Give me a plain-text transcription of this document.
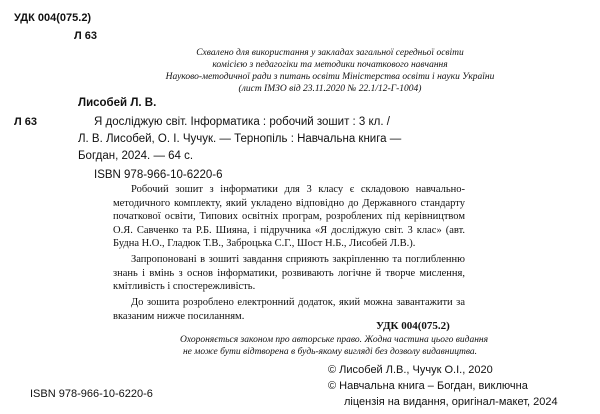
УДК 004(075.2)
Л 63
Схвалено для використання у закладах загальної середньої освіти
комісією з педагогіки та методики початкового навчання
Науково-методичної ради з питань освіти Міністерства освіти і науки України
(лист ІМЗО від 23.11.2020 № 22.1/12-Г-1004)
Лисобей Л. В.
Л 63	Я досліджую світ. Інформатика : робочий зошит : 3 кл. /
Л. В. Лисобей, О. І. Чучук. — Тернопіль : Навчальна книга —
Богдан, 2024. — 64 с.
ISBN 978-966-10-6220-6

Робочий зошит з інформатики для 3 класу є складовою навчально-методичного комплекту, який укладено відповідно до Державного стандарту початкової освіти, Типових освітніх програм, розроблених під керівництвом О.Я. Савченко та Р.Б. Шияна, і підручника «Я досліджую світ. 3 клас» (авт. Будна Н.О., Гладюк Т.В., Заброцька С.Г., Шост Н.Б., Лисобей Л.В.).

Запропоновані в зошиті завдання сприяють закріпленню та поглибленню знань і вмінь з основ інформатики, розвивають логічне й творче мислення, кмітливість і спостережливість.

До зошита розроблено електронний додаток, який можна завантажити за вказаним нижче посиланням.

УДК 004(075.2)
Охороняється законом про авторське право. Жодна частина цього видання
не може бути відтворена в будь-якому вигляді без дозволу видавництва.
ISBN 978-966-10-6220-6
© Лисобей Л.В., Чучук О.І., 2020
© Навчальна книга – Богдан, виключна
ліцензія на видання, оригінал-макет, 2024
